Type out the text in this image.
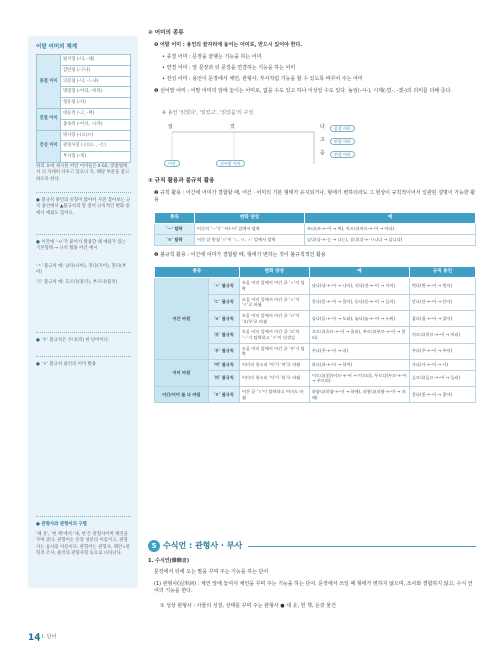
어말 어미의 체계
종결 어미	평서형 (-다, -네)
	감탄형 (-구나)
	의문형 (-니, -느냐)
	명령형 (-어라, -아라)
	청유형 (-자)
연결 어미	대등적 (-고, -며)
	종속적 (-어서, -니까)
전성 어미	명사형 (-(으)ㅁ)
	관형사형 (-(으)ㄴ, -는)
	부사형 (-게)
위의 표에 제시된 어말 어미들은 Ⅱ-02, 맞춤법에서 더 자세히 다루고 있으니 꼭, 해당 부분을 참고하도록 한다.
● 불규칙 용언의 유형이 많아서 사전 찾아보는 규칙 용언에서 ▲불규칙의 말 절이 규칙적인 변화 중에서 예외도 있어요.
● 어간에 '-ㅂ'가 붙어서 활용할 때 예외가 있는 기본형태 → 규칙 활용 어간 예시
'ㅅ' 불규칙 예: 낫다(나아), 짓다(지어), 붓다(부어)
'르' 불규칙 예: 흐르다(흘러), 부르다(불러)
● '우' 불규칙은 푸다(퍼) 한 단어이다.
● 'ㅎ' 불규칙 용언의 어미 활용
● 관형사와 관형어의 구별
'새 옷', '헌 책'에서 '새, 헌'은 관형사이며 체언을 꾸며 준다. 관형어는 문장 성분의 이름이고, 관형사는 품사의 이름이다. 관형어는 관형사, 체언+관형격 조사, 용언의 관형사형 등으로 나타난다.
② 어미의 종류
❶ 어말 어미 : 용언의 끝자리에 놓이는 어미로, 반드시 있어야 한다.
• 종결 어미 : 문장을 끝맺는 기능을 하는 어미
• 연결 어미 : 앞 문장과 뒤 문장을 연결하는 기능을 하는 어미
• 전성 어미 : 용언이 문장에서 체언, 관형사, 부사처럼 기능을 할 수 있도록 바꾸어 주는 어미
❷ 선어말 어미 : 어말 어미의 앞에 놓이는 어미로, 없을 수도 있고 하나 이상일 수도 있다. 높임(-시-), 시제(-었-, -겠-)의 의미를 더해 준다.
※ 용언 '읽었다', '읽었고', '읽었음'의 구성
읽	었	다
고
음
어간	선어말 어미
종결 어미
연결 어미
전성 어미
③ 규칙 활용과 불규칙 활용
❶ 규칙 활용 : 어간에 어미가 결합할 때, 어간 · 어미의 기본 형태가 유지되거나, 형태가 변하더라도 그 현상이 규칙적이어서 일관된 설명이 가능한 활용
종류	변화 양상	예
'ㅡ' 탈락	어간의 'ㅡ'가 '-아/-어' 앞에서 탈락	쓰다(쓰-+-어 → 써), 아프다(아프-+-아 → 아파)
'ㄹ' 탈락	어간 끝 받침 'ㄹ'이 'ㄴ, ㅂ, ㅅ' 앞에서 탈락	날다(날-+-는 → 나는), 살다(살-+-ㅂ니다 → 삽니다)
❷ 불규칙 활용 : 어간에 어미가 결합할 때, 형태가 변하는 것이 불규칙적인 활용
종류		변화 양상	예	규칙 용언
어간 바뀜	'ㅅ' 불규칙	모음 어미 앞에서 어간 끝 'ㅅ'이 탈락	낫다(낫-+-아 → 나아), 짓다(짓-+-어 → 지어)	벗다(벗-+-어 → 벗어)
	'ㄷ' 불규칙	모음 어미 앞에서 어간 끝 'ㄷ'이 'ㄹ'로 바뀜	묻다(묻-+-어 → 물어), 듣다(듣-+-어 → 들어)	닫다(닫-+-아 → 닫아)
	'ㅂ' 불규칙	모음 어미 앞에서 어간 끝 'ㅂ'이 '오/우'로 바뀜	돕다(돕-+-아 → 도와), 눕다(눕-+-어 → 누워)	잡다(잡-+-아 → 잡아)
	'르' 불규칙	모음 어미 앞에서 어간 끝 '르'의 'ㅡ'가 탈락하고 'ㄹ'이 덧생김	흐르다(흐르-+-어 → 흘러), 부르다(부르-+-어 → 불러)	치르다(치르-+-어 → 치러)
	'우' 불규칙	모음 어미 앞에서 어간 끝 '우'가 탈락	푸다(푸-+-어 → 퍼)	주다(주-+-어 → 주어)
어미 바뀜	'여' 불규칙	어미의 첫소리 '아'가 '여'로 바뀜	하다(하-+-아 → 하여)	사다(사-+-아 → 사)
	'러' 불규칙	어미의 첫소리 '어'가 '러'로 바뀜	이르다(至)(이르-+-어 → 이르러), 푸르다(푸르-+-어 → 푸르러)	들르다(들르-+-어 → 들러)
어간/어미 둘 다 바뀜	'ㅎ' 불규칙	어간 끝 'ㅎ'이 탈락하고 어미도 바뀜	하얗다(하얗-+-아 → 하얘), 파랗다(파랗-+-아 → 파래)	좋다(좋-+-아 → 좋아)
5 수식언 : 관형사 · 부사
1. 수식언(修飾言)
문장에서 뒤에 오는 말을 꾸며 주는 기능을 하는 단어
(1) 관형사(冠形詞) : 체언 앞에 놓여서 체언을 꾸며 주는 기능을 하는 단어. 문장에서 쓰일 때 형태가 변하지 않으며, 조사와 결합하지 않고, 수식 언어의 기능을 한다.
① 성상 관형사 : 사물의 성질, 상태를 꾸며 주는 관형사 ● 새 옷, 헌 책, 온갖 물건
14 Ⅰ. 단어
